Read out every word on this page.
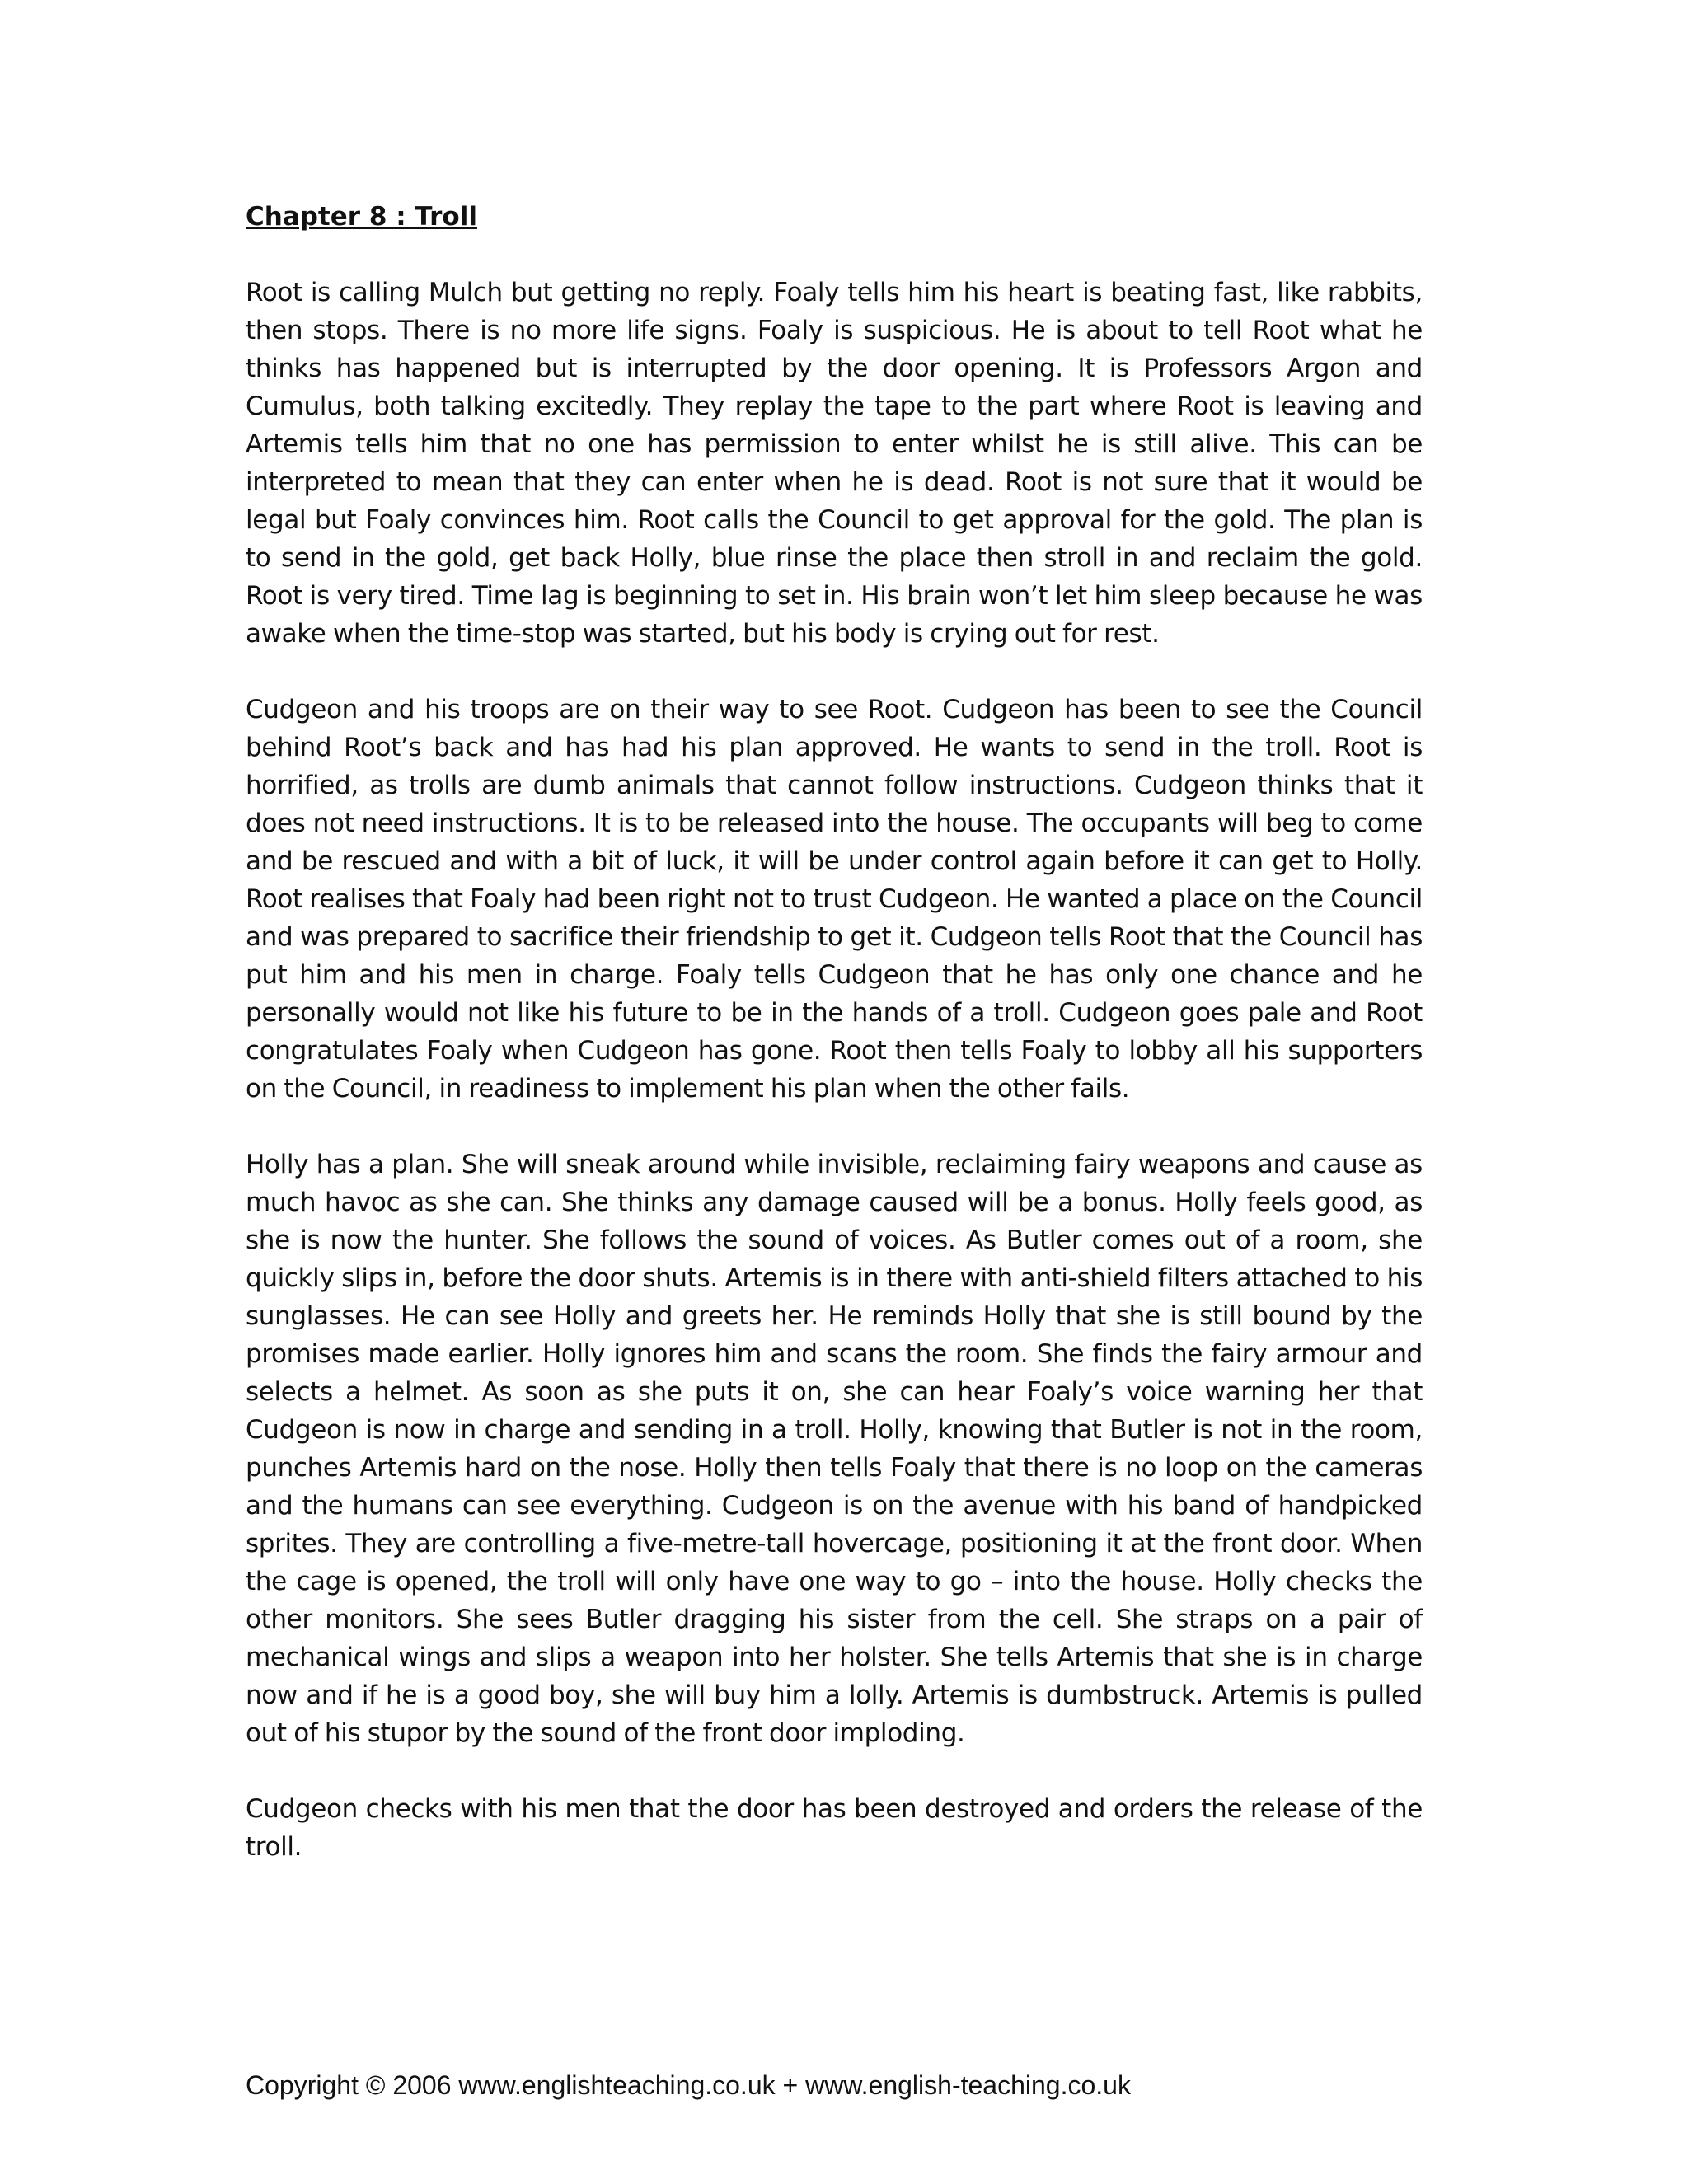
Chapter 8 : Troll

Root is calling Mulch but getting no reply. Foaly tells him his heart is beating fast, like rabbits, then stops. There is no more life signs. Foaly is suspicious. He is about to tell Root what he thinks has happened but is interrupted by the door opening. It is Professors Argon and Cumulus, both talking excitedly. They replay the tape to the part where Root is leaving and Artemis tells him that no one has permission to enter whilst he is still alive. This can be interpreted to mean that they can enter when he is dead. Root is not sure that it would be legal but Foaly convinces him. Root calls the Council to get approval for the gold. The plan is to send in the gold, get back Holly, blue rinse the place then stroll in and reclaim the gold. Root is very tired. Time lag is beginning to set in. His brain won’t let him sleep because he was awake when the time-stop was started, but his body is crying out for rest.

Cudgeon and his troops are on their way to see Root. Cudgeon has been to see the Council behind Root’s back and has had his plan approved. He wants to send in the troll. Root is horrified, as trolls are dumb animals that cannot follow instructions. Cudgeon thinks that it does not need instructions. It is to be released into the house. The occupants will beg to come and be rescued and with a bit of luck, it will be under control again before it can get to Holly. Root realises that Foaly had been right not to trust Cudgeon. He wanted a place on the Council and was prepared to sacrifice their friendship to get it. Cudgeon tells Root that the Council has put him and his men in charge. Foaly tells Cudgeon that he has only one chance and he personally would not like his future to be in the hands of a troll. Cudgeon goes pale and Root congratulates Foaly when Cudgeon has gone. Root then tells Foaly to lobby all his supporters on the Council, in readiness to implement his plan when the other fails.

Holly has a plan. She will sneak around while invisible, reclaiming fairy weapons and cause as much havoc as she can. She thinks any damage caused will be a bonus. Holly feels good, as she is now the hunter. She follows the sound of voices. As Butler comes out of a room, she quickly slips in, before the door shuts. Artemis is in there with anti-shield filters attached to his sunglasses. He can see Holly and greets her. He reminds Holly that she is still bound by the promises made earlier. Holly ignores him and scans the room. She finds the fairy armour and selects a helmet. As soon as she puts it on, she can hear Foaly’s voice warning her that Cudgeon is now in charge and sending in a troll. Holly, knowing that Butler is not in the room, punches Artemis hard on the nose. Holly then tells Foaly that there is no loop on the cameras and the humans can see everything. Cudgeon is on the avenue with his band of handpicked sprites. They are controlling a five-metre-tall hovercage, positioning it at the front door. When the cage is opened, the troll will only have one way to go – into the house. Holly checks the other monitors. She sees Butler dragging his sister from the cell. She straps on a pair of mechanical wings and slips a weapon into her holster. She tells Artemis that she is in charge now and if he is a good boy, she will buy him a lolly. Artemis is dumbstruck. Artemis is pulled out of his stupor by the sound of the front door imploding.

Cudgeon checks with his men that the door has been destroyed and orders the release of the troll.

Copyright © 2006 www.englishteaching.co.uk + www.english-teaching.co.uk
